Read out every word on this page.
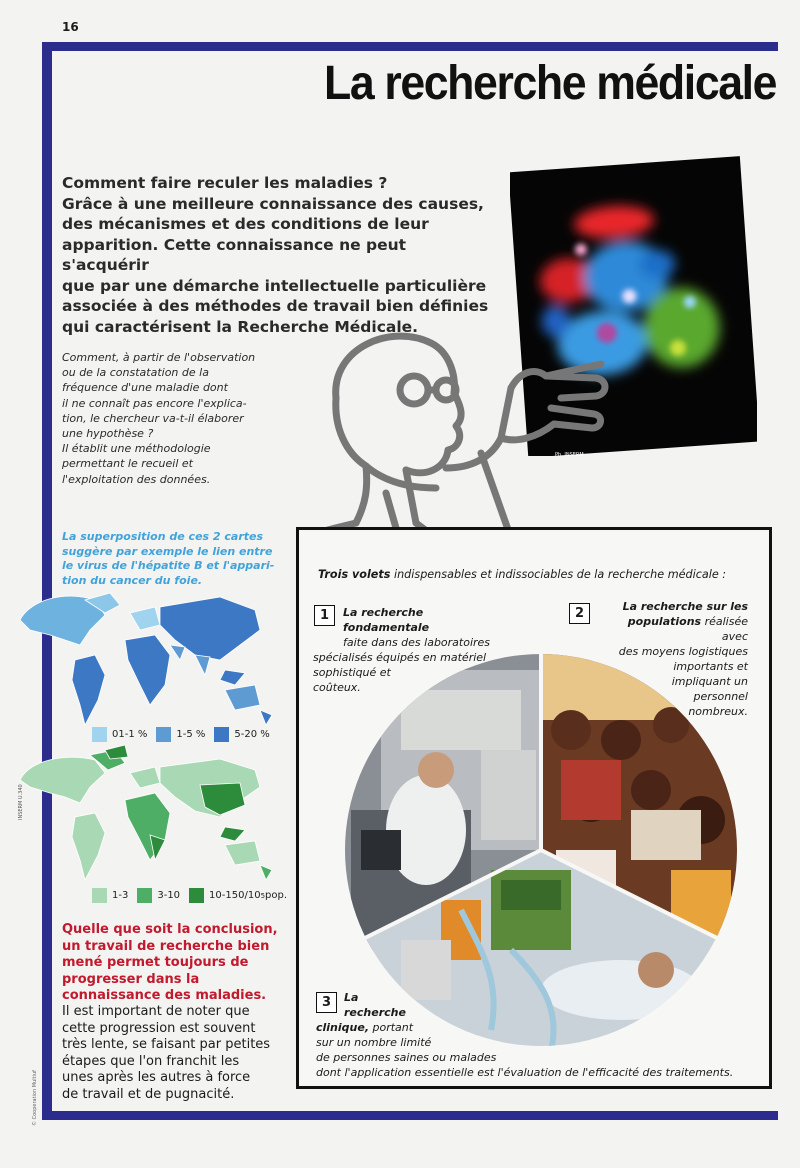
16
La recherche médicale
Comment faire reculer les maladies ?
Grâce à une meilleure connaissance des causes,
des mécanismes et des conditions de leur
apparition. Cette connaissance ne peut s'acquérir
que par une démarche intellectuelle particulière
associée à des méthodes de travail bien définies
qui caractérisent la Recherche Médicale.
Ph. INSERM
Comment, à partir de l'observation
ou de la constatation de la
fréquence d'une maladie dont
il ne connaît pas encore l'explica-
tion, le chercheur va-t-il élaborer
une hypothèse ?
Il établit une méthodologie
permettant le recueil et
l'exploitation des données.
La superposition de ces 2 cartes
suggère par exemple le lien entre
le virus de l'hépatite B et l'appari-
tion du cancer du foie.
01-1 %	1-5 %	5-20 %
1-3	3-10	10-150/10 5 pop.
INSERM U.340
Quelle que soit la conclusion,
un travail de recherche bien
mené permet toujours de
progresser dans la
connaissance des maladies.
Il est important de noter que
cette progression est souvent
très lente, se faisant par petites
étapes que l'on franchit les
unes après les autres à force
de travail et de pugnacité.
© Cooperation Multiuf
Trois volets indispensables et indissociables de la recherche médicale :
La recherche fondamentale
faite dans des laboratoires
spécialisés équipés en matériel
sophistiqué et
coûteux.
1
La recherche sur les
populations réalisée avec
des moyens logistiques
importants et
impliquant un
personnel
nombreux.
2
La
recherche
clinique, portant
sur un nombre limité
de personnes saines ou malades
dont l'application essentielle est l'évaluation de l'efficacité des traitements.
3
